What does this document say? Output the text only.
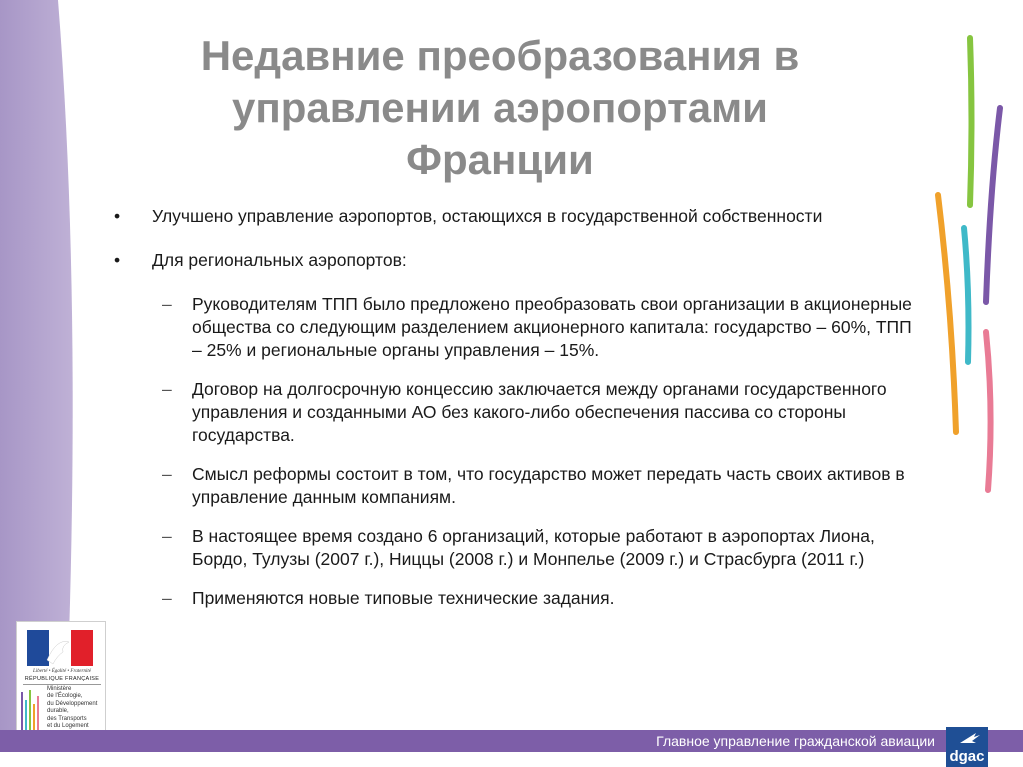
Недавние преобразования в
управлении аэропортами
Франции
• Улучшено управление аэропортов, остающихся в государственной собственности
• Для региональных аэропортов:
– Руководителям ТПП было предложено преобразовать свои организации в акционерные общества со следующим разделением акционерного капитала: государство – 60%, ТПП – 25% и региональные органы управления – 15%.
– Договор на долгосрочную концессию заключается между органами государственного управления и созданными АО без какого-либо обеспечения пассива со стороны государства.
– Смысл реформы состоит в том, что государство может передать часть своих активов в управление данным компаниям.
– В настоящее время создано 6 организаций, которые работают в аэропортах Лиона, Бордо, Тулузы (2007 г.), Ниццы (2008 г.) и Монпелье (2009 г.) и Страсбурга (2011 г.)
– Применяются новые типовые технические задания.
Liberté • Égalité • Fraternité
RÉPUBLIQUE FRANÇAISE
Ministère
de l'Écologie,
du Développement
durable,
des Transports
et du Logement
Главное управление гражданской авиации
dgac
